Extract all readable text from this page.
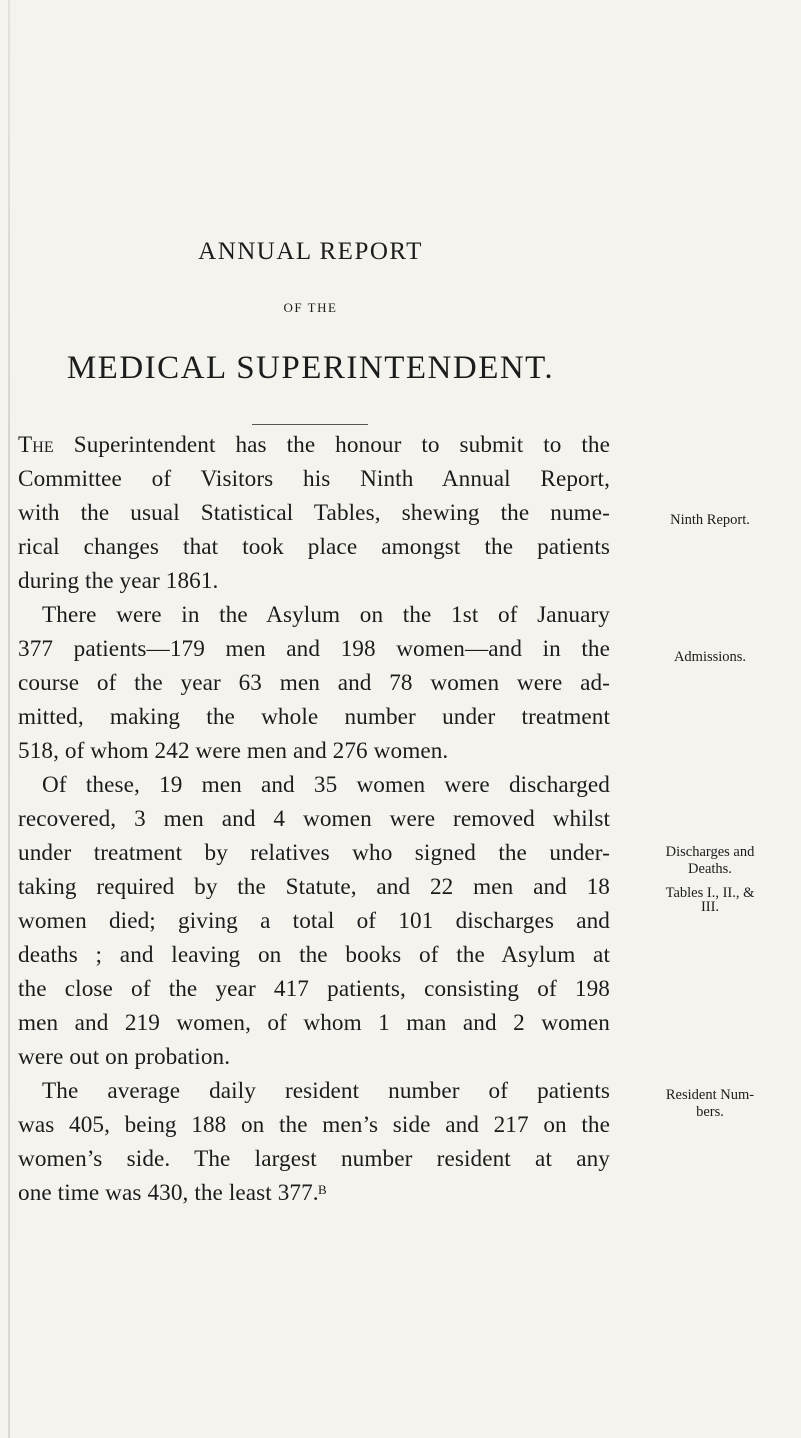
ANNUAL REPORT
OF THE
MEDICAL SUPERINTENDENT.
The Superintendent has the honour to submit to the
Committee of Visitors his Ninth Annual Report,
with the usual Statistical Tables, shewing the nume-
rical changes that took place amongst the patients
during the year 1861.
There were in the Asylum on the 1st of January
377 patients—179 men and 198 women—and in the
course of the year 63 men and 78 women were ad-
mitted, making the whole number under treatment
518, of whom 242 were men and 276 women.
Of these, 19 men and 35 women were discharged
recovered, 3 men and 4 women were removed whilst
under treatment by relatives who signed the under-
taking required by the Statute, and 22 men and 18
women died; giving a total of 101 discharges and
deaths ; and leaving on the books of the Asylum at
the close of the year 417 patients, consisting of 198
men and 219 women, of whom 1 man and 2 women
were out on probation.
The average daily resident number of patients
was 405, being 188 on the men’s side and 217 on the
women’s side. The largest number resident at any
one time was 430, the least 377.
Ninth Report.
Admissions.
Discharges and
Deaths.
Tables I., II., &
III.
Resident Num-
bers.
B
